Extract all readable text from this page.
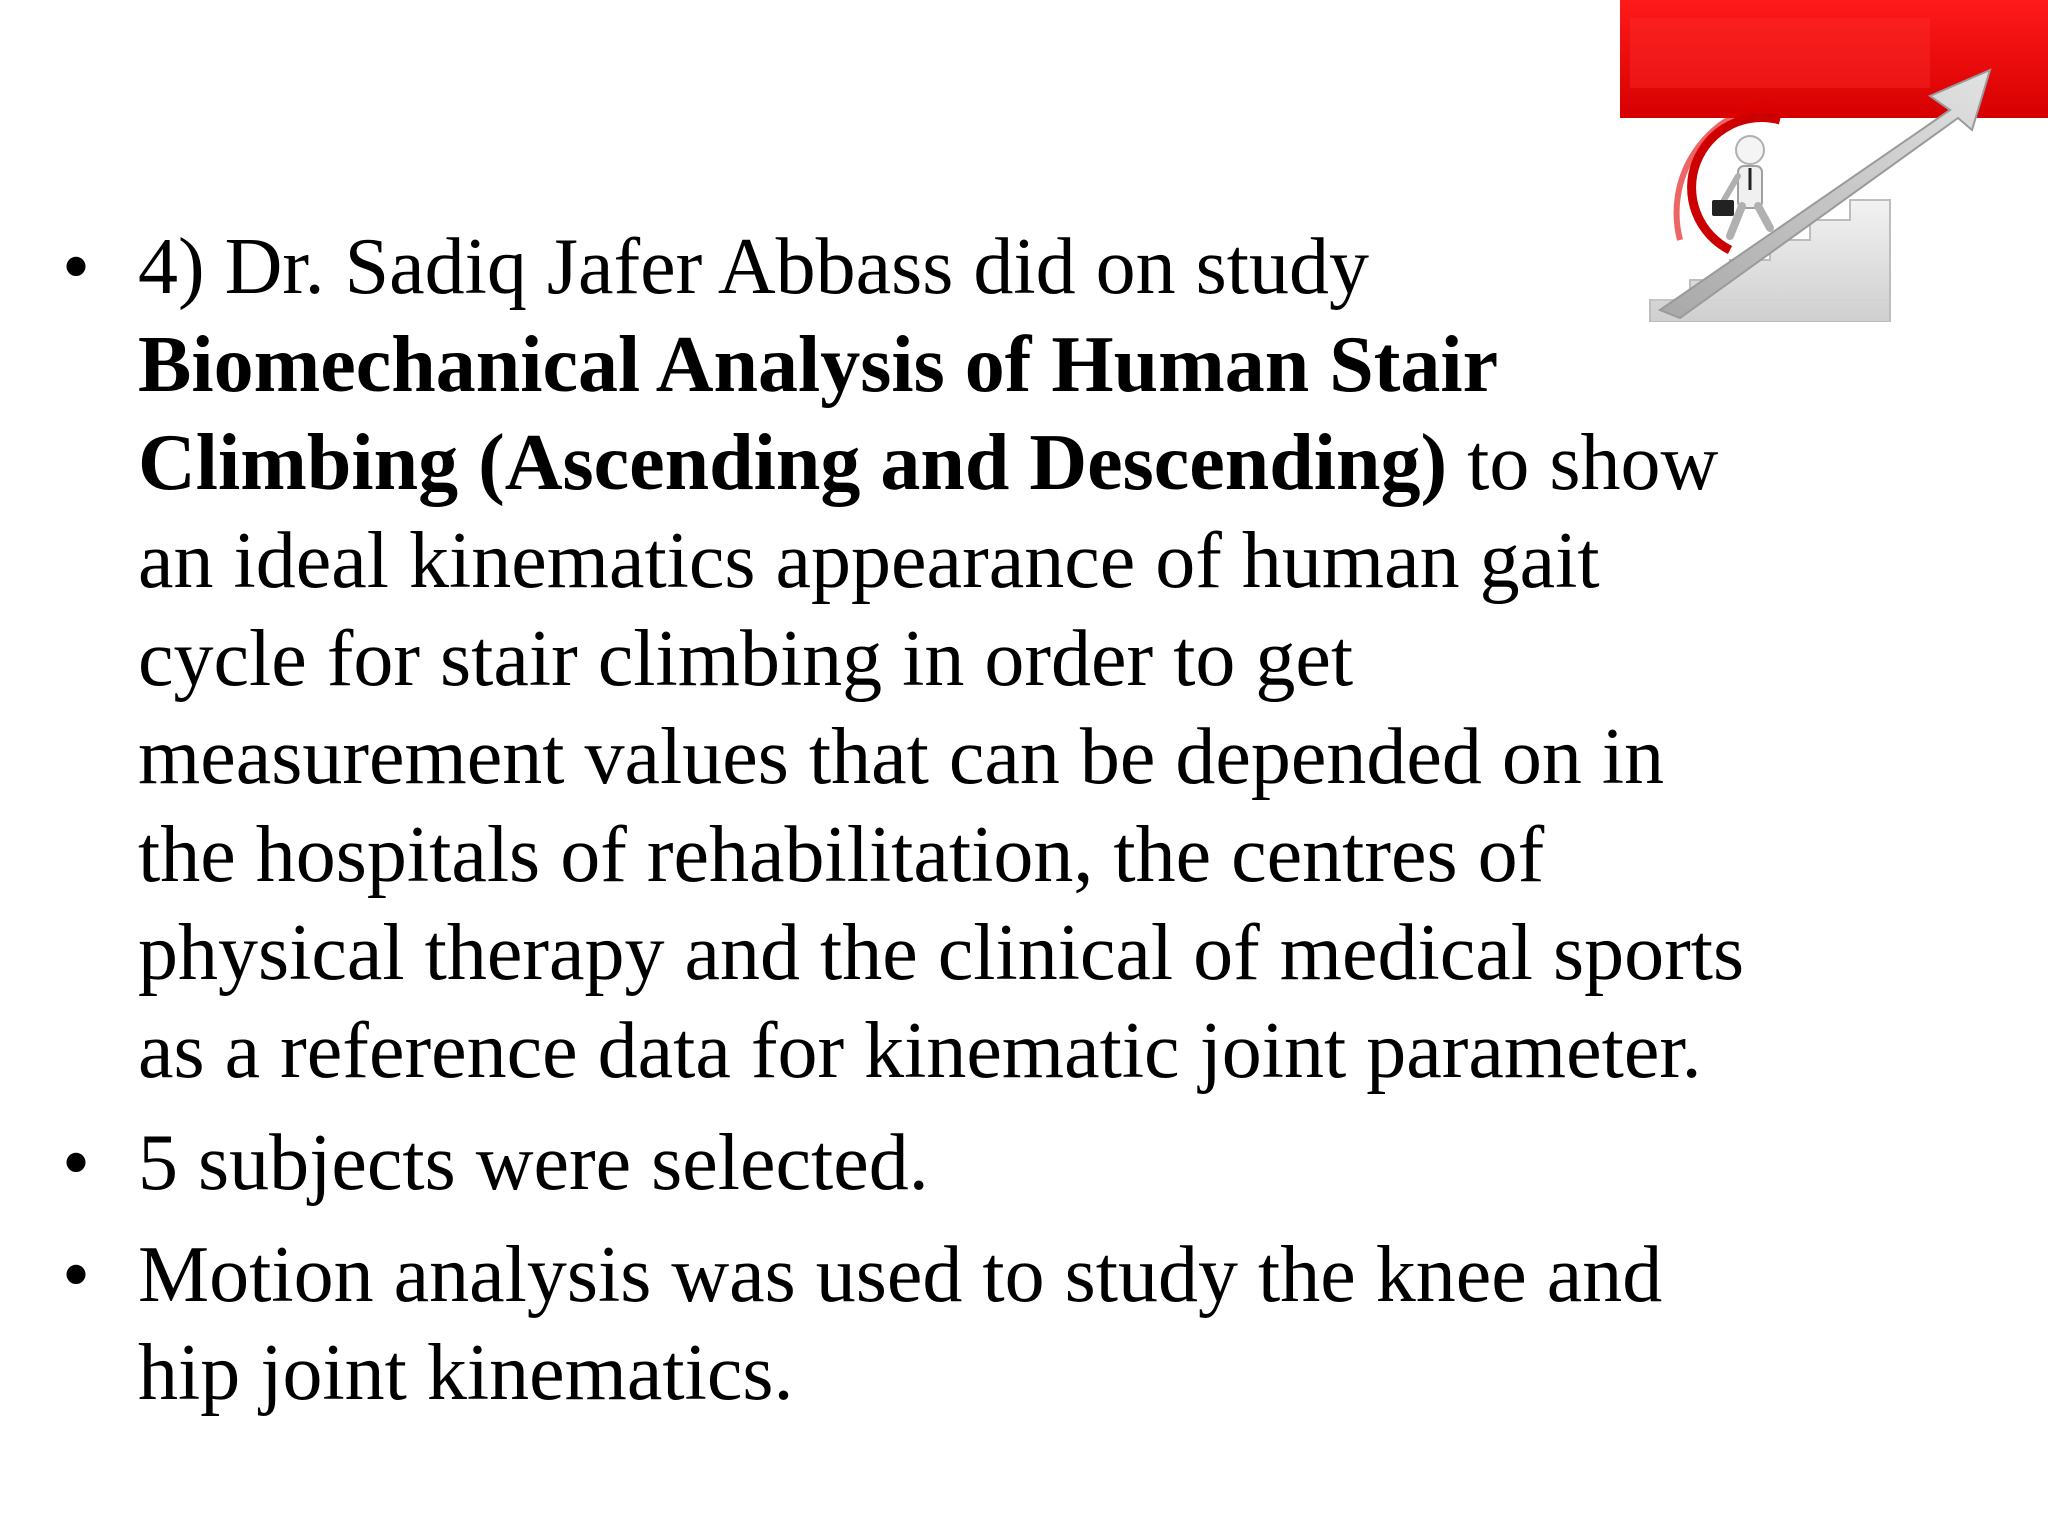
• 4) Dr. Sadiq Jafer Abbass did on study
Biomechanical Analysis of Human Stair
Climbing (Ascending and Descending) to show
an ideal kinematics appearance of human gait
cycle for stair climbing in order to get
measurement values that can be depended on in
the hospitals of rehabilitation, the centres of
physical therapy and the clinical of medical sports
as a reference data for kinematic joint parameter.
• 5 subjects were selected.
• Motion analysis was used to study the knee and
hip joint kinematics.
